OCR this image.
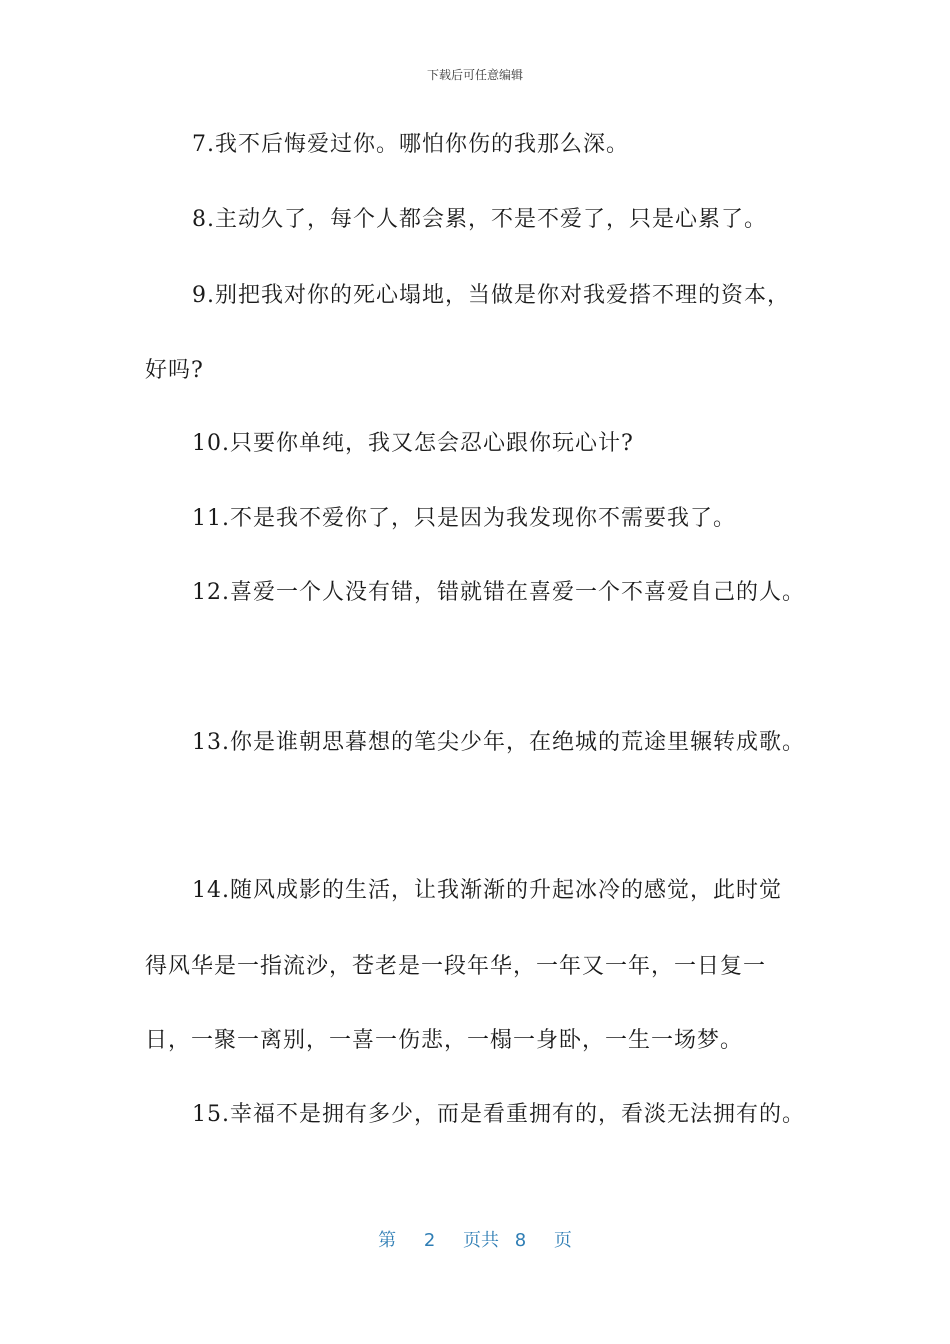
下载后可任意编辑
7.我不后悔爱过你。哪怕你伤的我那么深。
8.主动久了，每个人都会累，不是不爱了，只是心累了。
9.别把我对你的死心塌地，当做是你对我爱搭不理的资本，
好吗?
10.只要你单纯，我又怎会忍心跟你玩心计?
11.不是我不爱你了，只是因为我发现你不需要我了。
12.喜爱一个人没有错，错就错在喜爱一个不喜爱自己的人。
13.你是谁朝思暮想的笔尖少年，在绝城的荒途里辗转成歌。
14.随风成影的生活，让我渐渐的升起冰冷的感觉，此时觉
得风华是一指流沙，苍老是一段年华，一年又一年，一日复一
日，一聚一离别，一喜一伤悲，一榻一身卧，一生一场梦。
15.幸福不是拥有多少，而是看重拥有的，看淡无法拥有的。
第 2 页共 8 页
